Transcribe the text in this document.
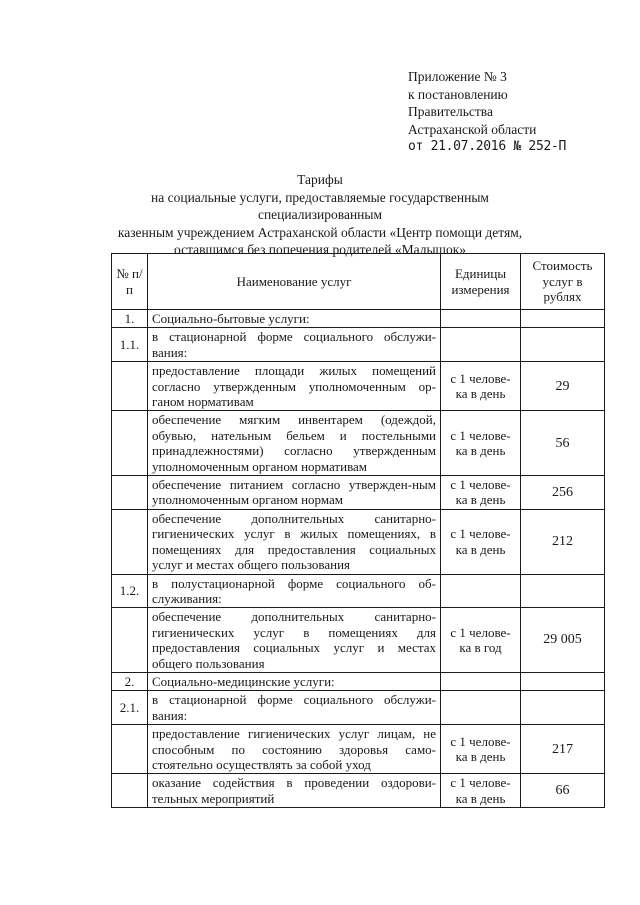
Приложение № 3
к постановлению
Правительства
Астраханской области
от 21.07.2016 № 252-П
Тарифы
на социальные услуги, предоставляемые государственным специализированным
казенным учреждением Астраханской области «Центр помощи детям,
оставшимся без попечения родителей «Малышок»
№ п/п	Наименование услуг	Единицы измерения	Стоимость услуг в рублях
1.	Социально-бытовые услуги:		
1.1.	в стационарной форме социального обслужи-вания:		
	предоставление площади жилых помещений согласно утвержденным уполномоченным ор-ганом нормативам	с 1 челове-ка в день	29
	обеспечение мягким инвентарем (одеждой, обувью, нательным бельем и постельными принадлежностями) согласно утвержденным уполномоченным органом нормативам	с 1 челове-ка в день	56
	обеспечение питанием согласно утвержден-ным уполномоченным органом нормам	с 1 челове-ка в день	256
	обеспечение дополнительных санитарно-гигиенических услуг в жилых помещениях, в помещениях для предоставления социальных услуг и местах общего пользования	с 1 челове-ка в день	212
1.2.	в полустационарной форме социального об-служивания:		
	обеспечение дополнительных санитарно-гигиенических услуг в помещениях для предоставления социальных услуг и местах общего пользования	с 1 челове-ка в год	29 005
2.	Социально-медицинские услуги:		
2.1.	в стационарной форме социального обслужи-вания:		
	предоставление гигиенических услуг лицам, не способным по состоянию здоровья само-стоятельно осуществлять за собой уход	с 1 челове-ка в день	217
	оказание содействия в проведении оздорови-тельных мероприятий	с 1 челове-ка в день	66
